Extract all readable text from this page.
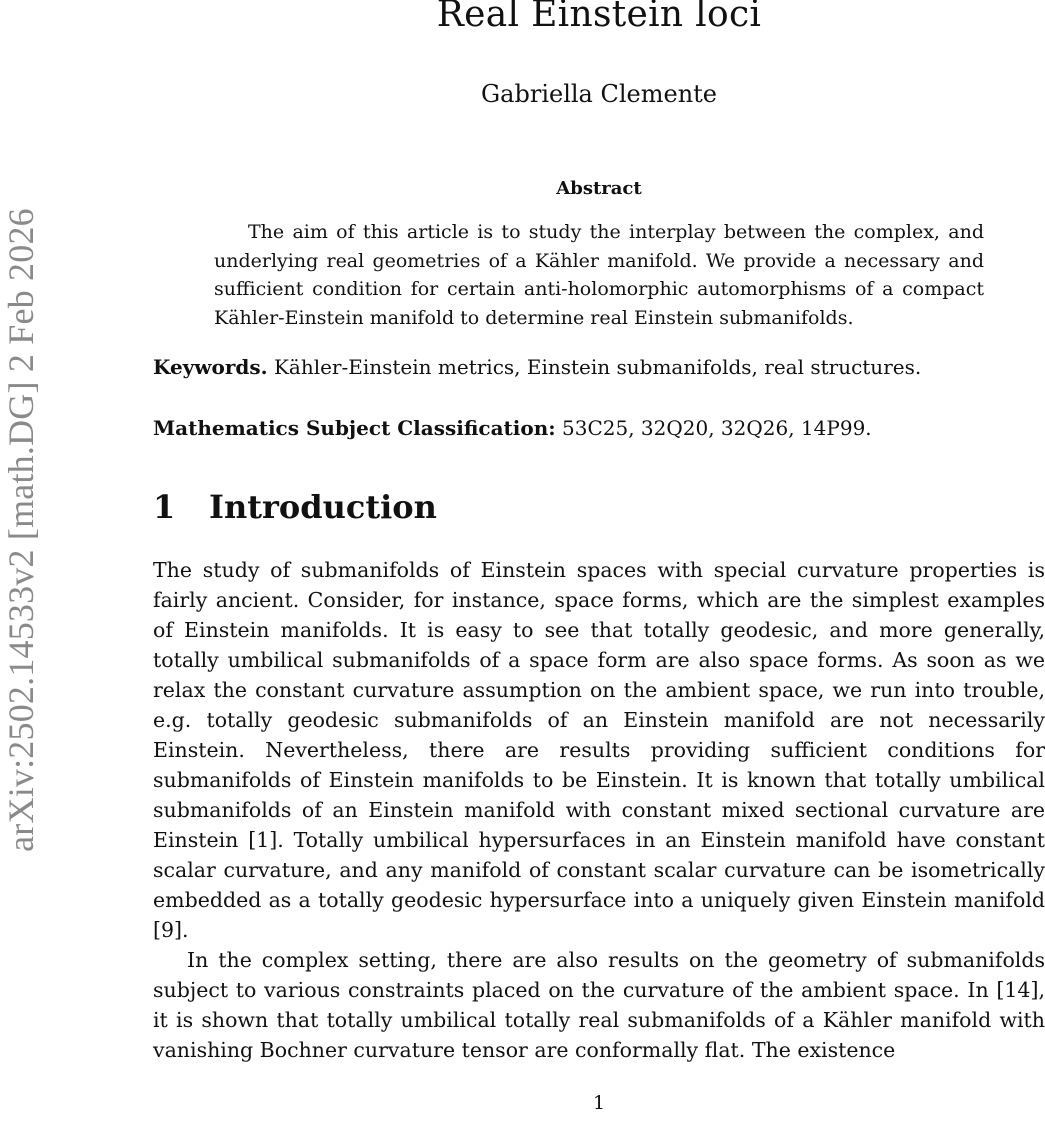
arXiv:2502.14533v2 [math.DG] 2 Feb 2026
Real Einstein loci
Gabriella Clemente
Abstract

The aim of this article is to study the interplay between the complex, and underlying real geometries of a Kähler manifold. We provide a necessary and sufficient condition for certain anti-holomorphic automorphisms of a compact Kähler-Einstein manifold to determine real Einstein submanifolds.

Keywords. Kähler-Einstein metrics, Einstein submanifolds, real structures.

Mathematics Subject Classification: 53C25, 32Q20, 32Q26, 14P99.

1 Introduction

The study of submanifolds of Einstein spaces with special curvature properties is fairly ancient. Consider, for instance, space forms, which are the simplest examples of Einstein manifolds. It is easy to see that totally geodesic, and more generally, totally umbilical submanifolds of a space form are also space forms. As soon as we relax the constant curvature assumption on the ambient space, we run into trouble, e.g. totally geodesic submanifolds of an Einstein manifold are not necessarily Einstein. Nevertheless, there are results providing sufficient conditions for submanifolds of Einstein manifolds to be Einstein. It is known that totally umbilical submanifolds of an Einstein manifold with constant mixed sectional curvature are Einstein [1]. Totally umbilical hypersurfaces in an Einstein manifold have constant scalar curvature, and any manifold of constant scalar curvature can be isometrically embedded as a totally geodesic hypersurface into a uniquely given Einstein manifold [9].

In the complex setting, there are also results on the geometry of submanifolds subject to various constraints placed on the curvature of the ambient space. In [14], it is shown that totally umbilical totally real submanifolds of a Kähler manifold with vanishing Bochner curvature tensor are conformally flat. The existence

1
